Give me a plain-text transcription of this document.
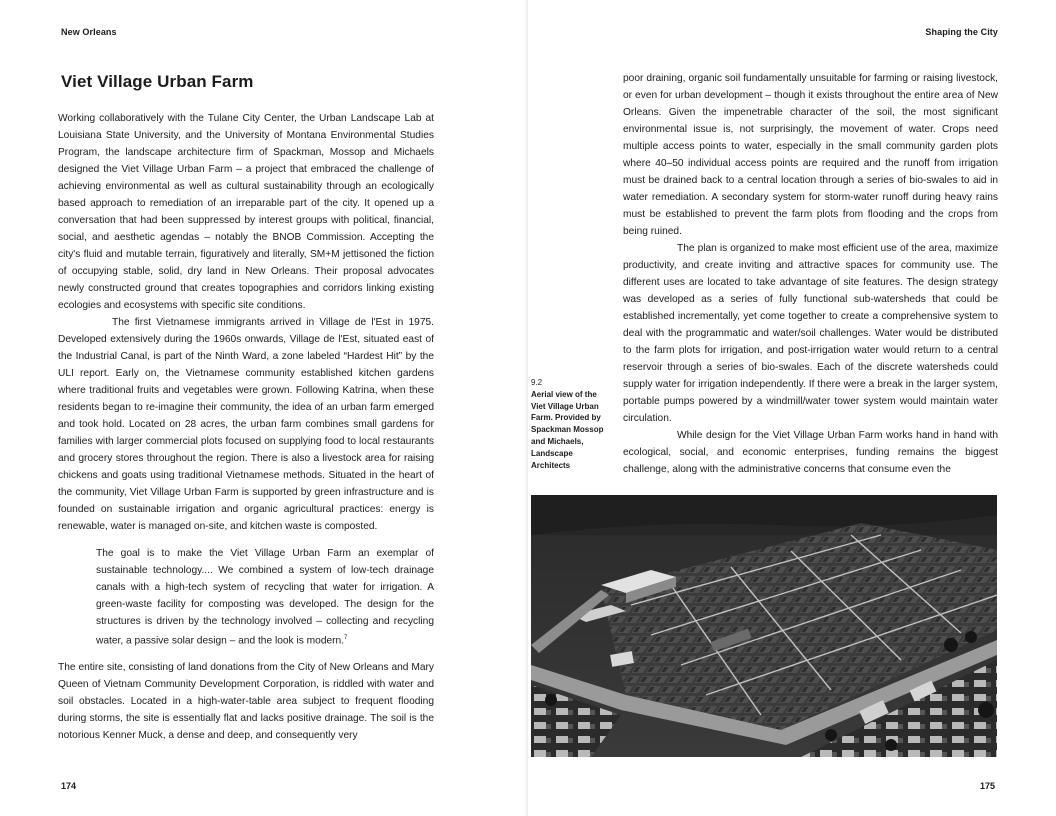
New Orleans
Viet Village Urban Farm

Working collaboratively with the Tulane City Center, the Urban Landscape Lab at Louisiana State University, and the University of Montana Environmental Studies Program, the landscape architecture firm of Spackman, Mossop and Michaels designed the Viet Village Urban Farm – a project that embraced the challenge of achieving environmental as well as cultural sustainability through an ecologically based approach to remediation of an irreparable part of the city. It opened up a conversation that had been suppressed by interest groups with political, financial, social, and aesthetic agendas – notably the BNOB Commission. Accepting the city's fluid and mutable terrain, figuratively and literally, SM+M jettisoned the fiction of occupying stable, solid, dry land in New Orleans. Their proposal advocates newly constructed ground that creates topographies and corridors linking existing ecologies and ecosystems with specific site conditions.

The first Vietnamese immigrants arrived in Village de l'Est in 1975. Developed extensively during the 1960s onwards, Village de l'Est, situated east of the Industrial Canal, is part of the Ninth Ward, a zone labeled “Hardest Hit” by the ULI report. Early on, the Vietnamese community established kitchen gardens where traditional fruits and vegetables were grown. Following Katrina, when these residents began to re-imagine their community, the idea of an urban farm emerged and took hold. Located on 28 acres, the urban farm combines small gardens for families with larger commercial plots focused on supplying food to local restaurants and grocery stores throughout the region. There is also a livestock area for raising chickens and goats using traditional Vietnamese methods. Situated in the heart of the community, Viet Village Urban Farm is supported by green infrastructure and is founded on sustainable irrigation and organic agricultural practices: energy is renewable, water is managed on-site, and kitchen waste is composted.

The goal is to make the Viet Village Urban Farm an exemplar of sustainable technology.... We combined a system of low-tech drainage canals with a high-tech system of recycling that water for irrigation. A green-waste facility for composting was developed. The design for the structures is driven by the technology involved – collecting and recycling water, a passive solar design – and the look is modern.$^7$

The entire site, consisting of land donations from the City of New Orleans and Mary Queen of Vietnam Community Development Corporation, is riddled with water and soil obstacles. Located in a high-water-table area subject to frequent flooding during storms, the site is essentially flat and lacks positive drainage. The soil is the notorious Kenner Muck, a dense and deep, and consequently very

174
Shaping the City
175

poor draining, organic soil fundamentally unsuitable for farming or raising livestock, or even for urban development – though it exists throughout the entire area of New Orleans. Given the impenetrable character of the soil, the most significant environmental issue is, not surprisingly, the movement of water. Crops need multiple access points to water, especially in the small community garden plots where 40–50 individual access points are required and the runoff from irrigation must be drained back to a central location through a series of bio-swales to aid in water remediation. A secondary system for storm-water runoff during heavy rains must be established to prevent the farm plots from flooding and the crops from being ruined.

The plan is organized to make most efficient use of the area, maximize productivity, and create inviting and attractive spaces for community use. The different uses are located to take advantage of site features. The design strategy was developed as a series of fully functional sub-watersheds that could be established incrementally, yet come together to create a comprehensive system to deal with the programmatic and water/soil challenges. Water would be distributed to the farm plots for irrigation, and post-irrigation water would return to a central reservoir through a series of bio-swales. Each of the discrete watersheds could supply water for irrigation independently. If there were a break in the larger system, portable pumps powered by a windmill/water tower system would maintain water circulation.

While design for the Viet Village Urban Farm works hand in hand with ecological, social, and economic enterprises, funding remains the biggest challenge, along with the administrative concerns that consume even the

9.2
Aerial view of the Viet Village Urban Farm. Provided by Spackman Mossop and Michaels, Landscape Architects
